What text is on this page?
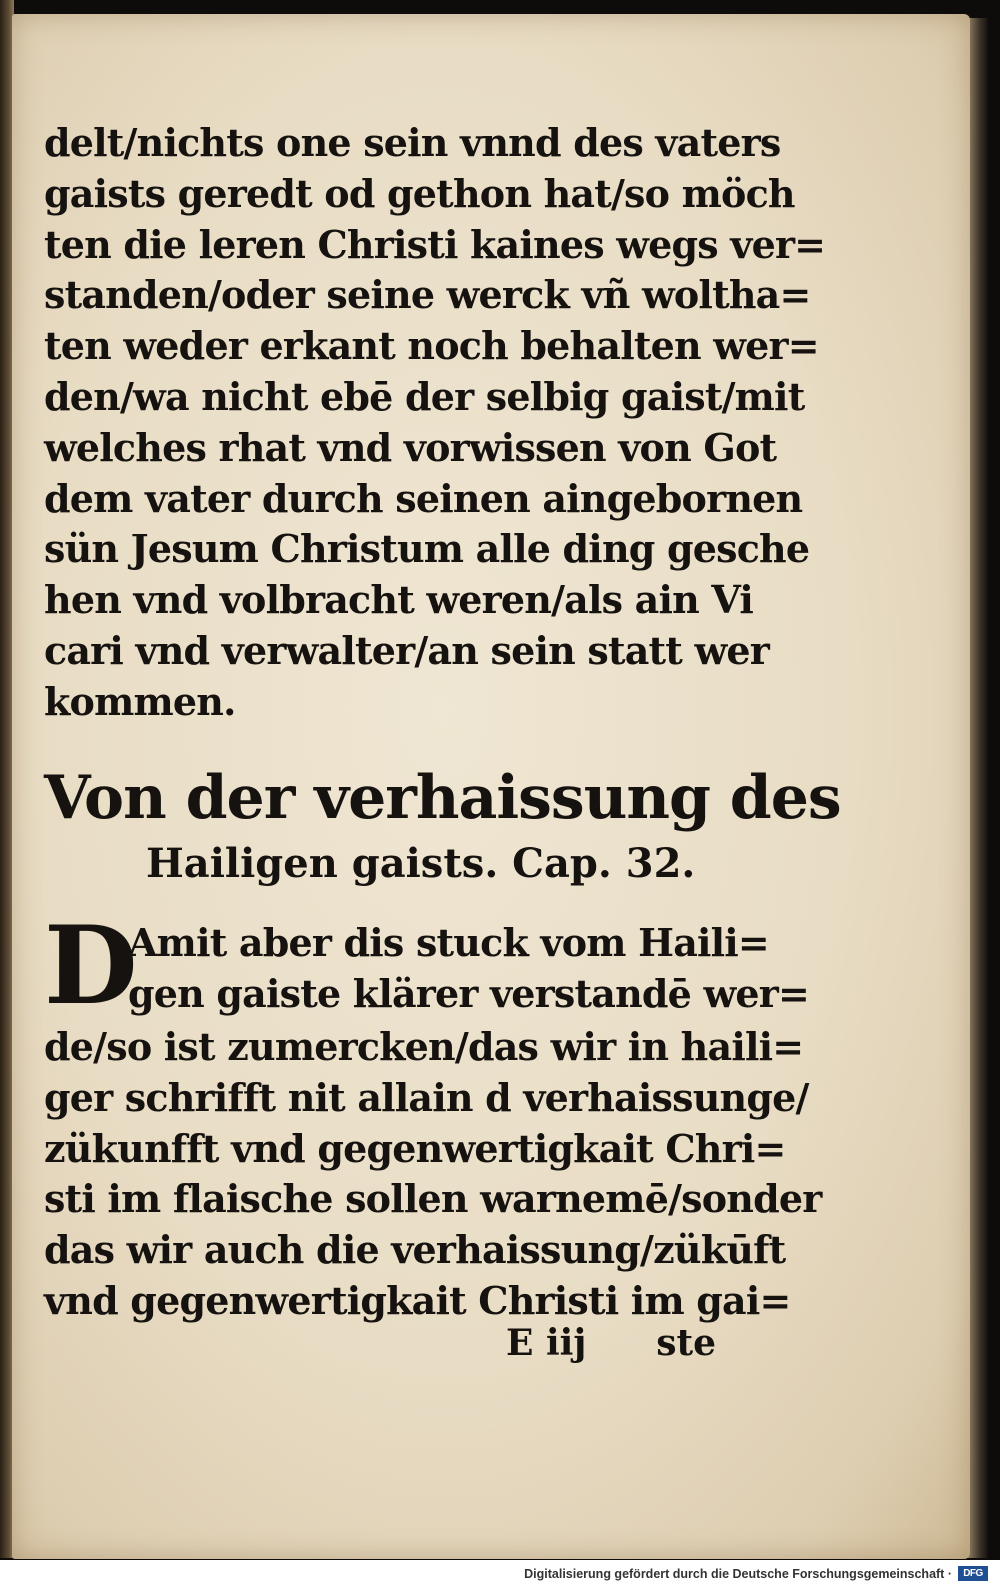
delt/nichts one sein vnnd des vaters
gaists geredt od gethon hat/so möch
ten die leren Christi kaines wegs ver=
standen/oder seine werck vñ woltha=
ten weder erkant noch behalten wer=
den/wa nicht ebē der selbig gaist/mit
welches rhat vnd vorwissen von Got
dem vater durch seinen aingebornen
sün Jesum Christum alle ding gesche
hen vnd volbracht weren/als ain Vi
cari vnd verwalter/an sein statt wer
kommen.
Von der verhaissung des
Hailigen gaists. Cap. 32.
D
Amit aber dis stuck vom Haili=
gen gaiste klärer verstandē wer=
de/so ist zumercken/das wir in haili=
ger schrifft nit allain d verhaissunge/
zükunfft vnd gegenwertigkait Chri=
sti im flaische sollen warnemē/sonder
das wir auch die verhaissung/zükūft
vnd gegenwertigkait Christi im gai=
E iij ste
Digitalisierung gefördert durch die Deutsche Forschungsgemeinschaft ·	DFG
